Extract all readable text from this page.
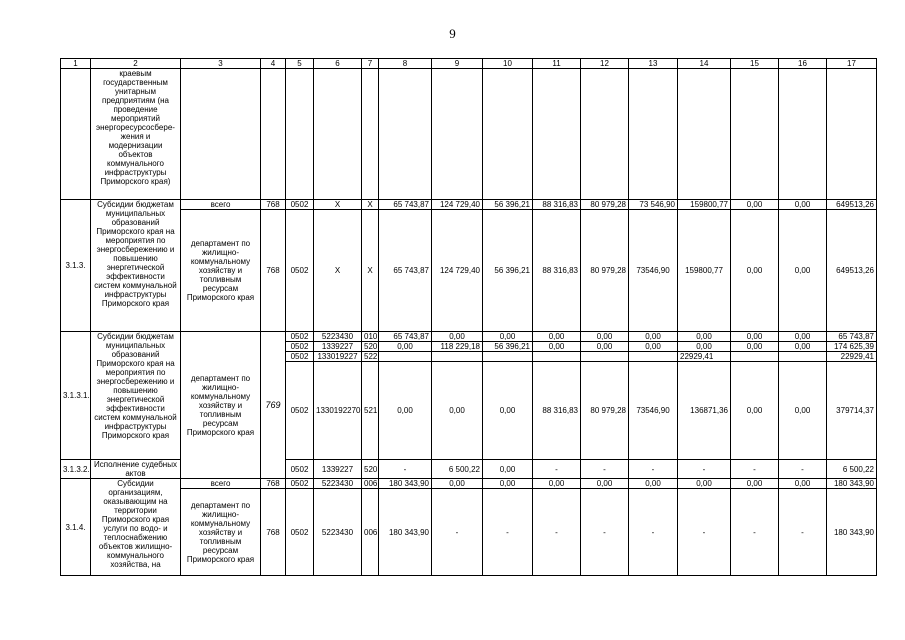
9
1	2	3	4	5	6	7	8	9	10	11	12	13	14	15	16	17
	краевым государственным унитарным предприятиям (на проведение мероприятий энергоресурсосбере-жения и модернизации объектов коммунального инфраструктуры Приморского края)															
3.1.3.	Субсидии бюджетам муниципальных образований Приморского края на мероприятия по энергосбережению и повышению энергетической эффективности систем коммунальной инфраструктуры Приморского края	всего	768	0502	X	X	65 743,87	124 729,40	56 396,21	88 316,83	80 979,28	73 546,90	159800,77	0,00	0,00	649513,26
		департамент по жилищно-коммунальному хозяйству и топливным ресурсам Приморского края	768	0502	X	X	65 743,87	124 729,40	56 396,21	88 316,83	80 979,28	73546,90	159800,77	0,00	0,00	649513,26
3.1.3.1.	Субсидии бюджетам муниципальных образований Приморского края на мероприятия по энергосбережению и повышению энергетической эффективности систем коммунальной инфраструктуры Приморского края	департамент по жилищно-коммунальному хозяйству и топливным ресурсам Приморского края	769	0502	5223430	010	65 743,87	0,00	0,00	0,00	0,00	0,00	0,00	0,00	0,00	65 743,87
				0502	1339227	520	0,00	118 229,18	56 396,21	0,00	0,00	0,00	0,00	0,00	0,00	174 625,39
				0502	133019227	522							22929,41			22929,41
				0502	1330192270	521	0,00	0,00	0,00	88 316,83	80 979,28	73546,90	136871,36	0,00	0,00	379714,37
3.1.3.2.	Исполнение судебных актов			0502	1339227	520	-	6 500,22	0,00	-	-	-	-	-	-	6 500,22
3.1.4.	Субсидии организациям, оказывающим на территории Приморского края услуги по водо- и теплоснабжению объектов жилищно-коммунального хозяйства, на	всего	768	0502	5223430	006	180 343,90	0,00	0,00	0,00	0,00	0,00	0,00	0,00	0,00	180 343,90
		департамент по жилищно-коммунальному хозяйству и топливным ресурсам Приморского края	768	0502	5223430	006	180 343,90	-	-	-	-	-	-	-	-	180 343,90
